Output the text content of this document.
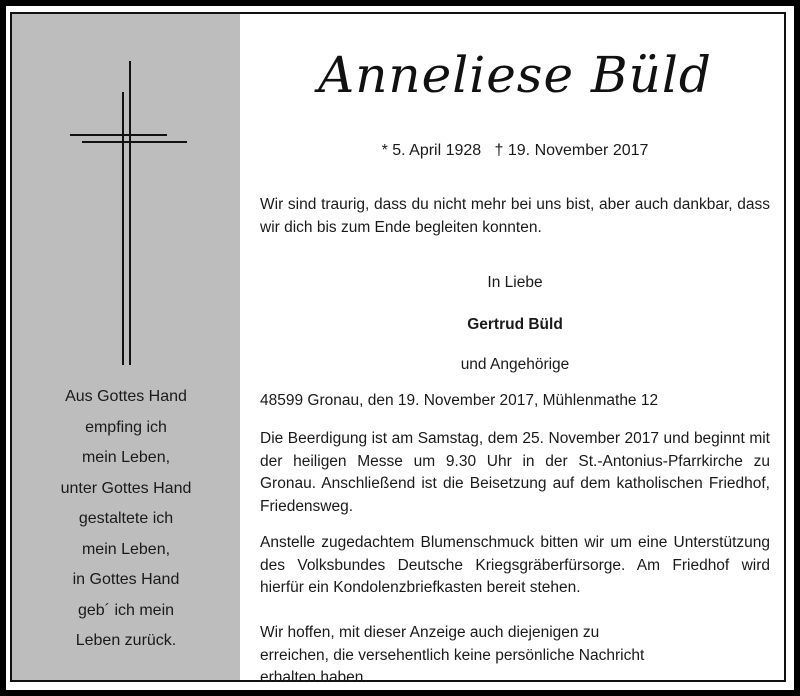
Aus Gottes Hand
empfing ich
mein Leben,
unter Gottes Hand
gestaltete ich
mein Leben,
in Gottes Hand
geb´ ich mein
Leben zurück.
Anneliese Büld
* 5. April 1928   † 19. November 2017
Wir sind traurig, dass du nicht mehr bei uns bist, aber auch dankbar, dass wir dich bis zum Ende begleiten konnten.
In Liebe
Gertrud Büld
und Angehörige
48599 Gronau, den 19. November 2017, Mühlenmathe 12
Die Beerdigung ist am Samstag, dem 25. November 2017 und beginnt mit der heiligen Messe um 9.30 Uhr in der St.-Antonius-Pfarrkirche zu Gronau. Anschließend ist die Beisetzung auf dem katholischen Friedhof, Friedensweg.
Anstelle zugedachtem Blumenschmuck bitten wir um eine Unterstützung des Volksbundes Deutsche Kriegsgräberfürsorge. Am Friedhof wird hierfür ein Kondolenzbriefkasten bereit stehen.
Wir hoffen, mit dieser Anzeige auch diejenigen zu erreichen, die versehentlich keine persönliche Nachricht erhalten haben.
